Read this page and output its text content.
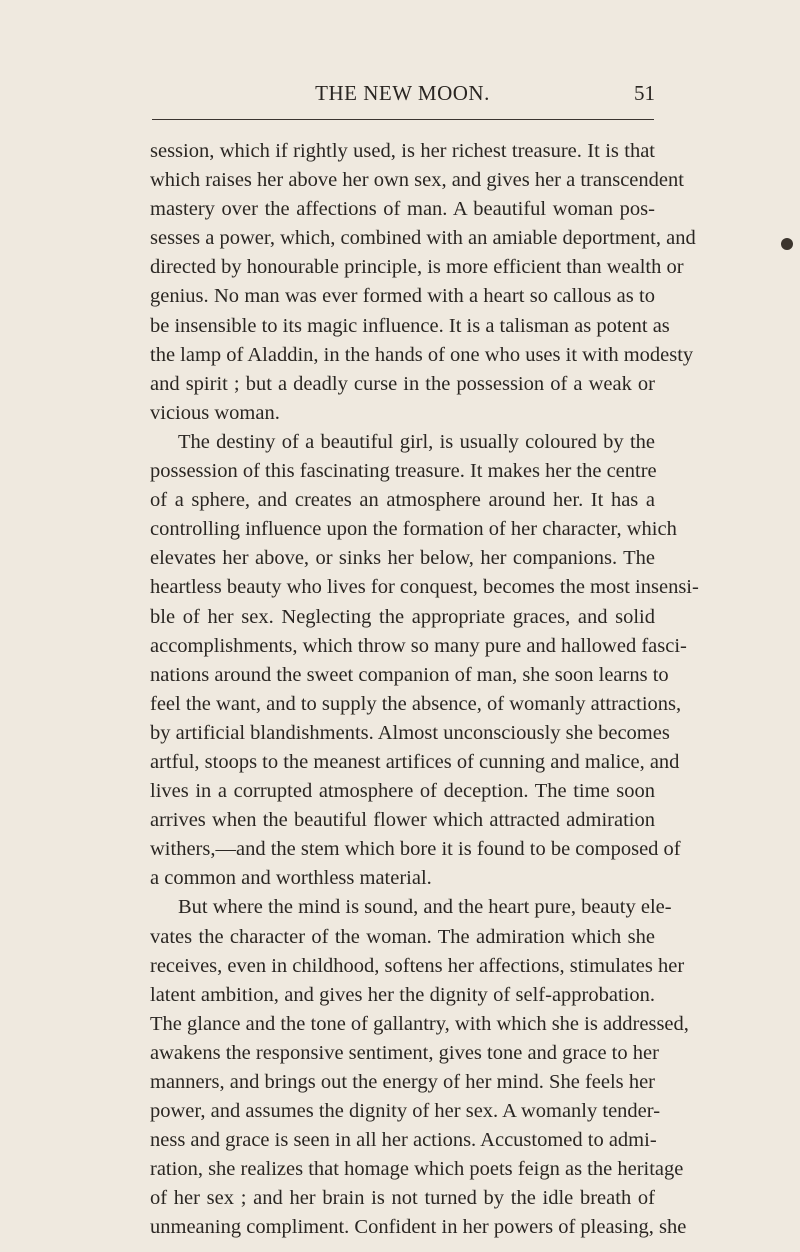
THE NEW MOON.	51
session, which if rightly used, is her richest treasure. It is that
which raises her above her own sex, and gives her a transcendent
mastery over the affections of man. A beautiful woman pos-
sesses a power, which, combined with an amiable deportment, and
directed by honourable principle, is more efficient than wealth or
genius. No man was ever formed with a heart so callous as to
be insensible to its magic influence. It is a talisman as potent as
the lamp of Aladdin, in the hands of one who uses it with modesty
and spirit ; but a deadly curse in the possession of a weak or
vicious woman.
The destiny of a beautiful girl, is usually coloured by the
possession of this fascinating treasure. It makes her the centre
of a sphere, and creates an atmosphere around her. It has a
controlling influence upon the formation of her character, which
elevates her above, or sinks her below, her companions. The
heartless beauty who lives for conquest, becomes the most insensi-
ble of her sex. Neglecting the appropriate graces, and solid
accomplishments, which throw so many pure and hallowed fasci-
nations around the sweet companion of man, she soon learns to
feel the want, and to supply the absence, of womanly attractions,
by artificial blandishments. Almost unconsciously she becomes
artful, stoops to the meanest artifices of cunning and malice, and
lives in a corrupted atmosphere of deception. The time soon
arrives when the beautiful flower which attracted admiration
withers,—and the stem which bore it is found to be composed of
a common and worthless material.
But where the mind is sound, and the heart pure, beauty ele-
vates the character of the woman. The admiration which she
receives, even in childhood, softens her affections, stimulates her
latent ambition, and gives her the dignity of self-approbation.
The glance and the tone of gallantry, with which she is addressed,
awakens the responsive sentiment, gives tone and grace to her
manners, and brings out the energy of her mind. She feels her
power, and assumes the dignity of her sex. A womanly tender-
ness and grace is seen in all her actions. Accustomed to admi-
ration, she realizes that homage which poets feign as the heritage
of her sex ; and her brain is not turned by the idle breath of
unmeaning compliment. Confident in her powers of pleasing, she
